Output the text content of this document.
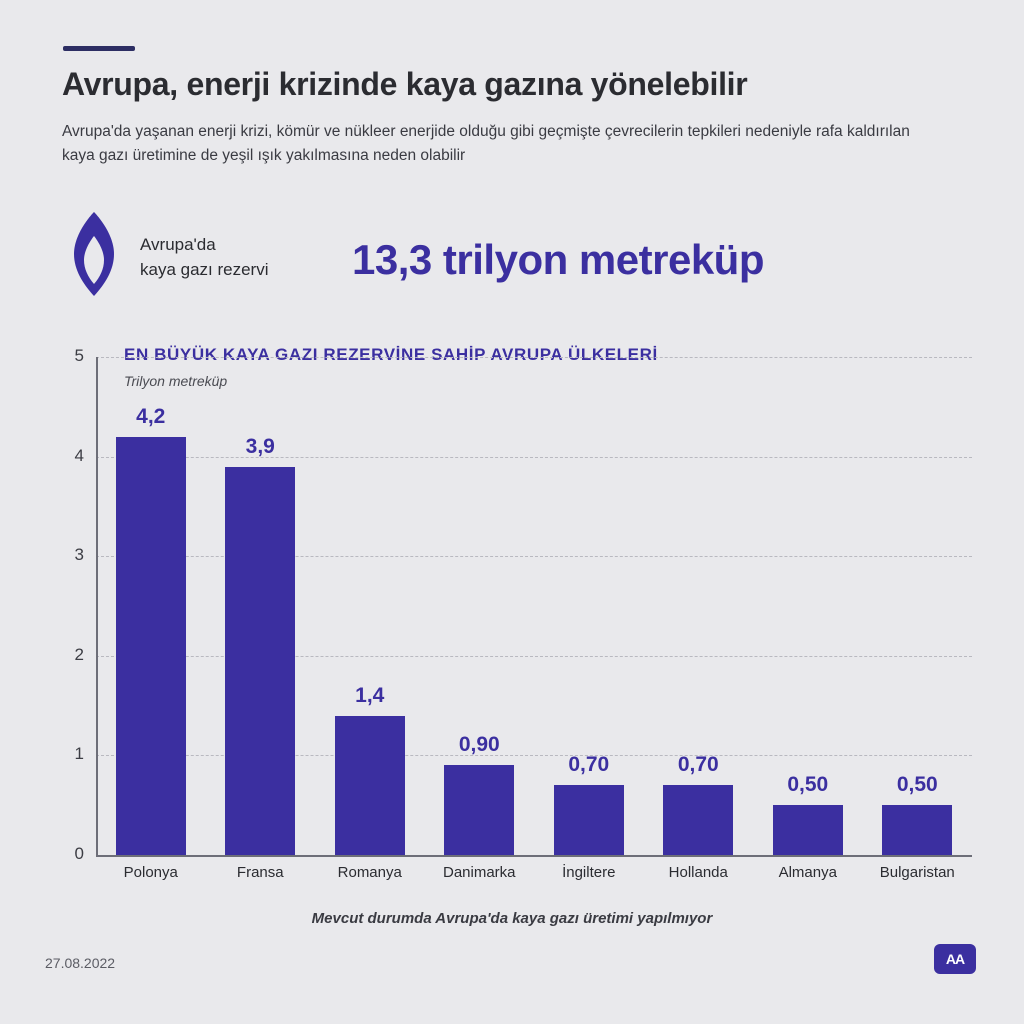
Avrupa, enerji krizinde kaya gazına yönelebilir
Avrupa'da yaşanan enerji krizi, kömür ve nükleer enerjide olduğu gibi geçmişte çevrecilerin tepkileri nedeniyle rafa kaldırılan kaya gazı üretimine de yeşil ışık yakılmasına neden olabilir
Avrupa'da
kaya gazı rezervi	13,3 trilyon metreküp
EN BÜYÜK KAYA GAZI REZERVİNE SAHİP AVRUPA ÜLKELERİ
Trilyon metreküp
0
1
2
3
4
5
4,2
3,9
1,4
0,90
0,70	0,70
0,50	0,50
Polonya	Fransa	Romanya	Danimarka	İngiltere	Hollanda	Almanya	Bulgaristan
Mevcut durumda Avrupa'da kaya gazı üretimi yapılmıyor
27.08.2022	AA
